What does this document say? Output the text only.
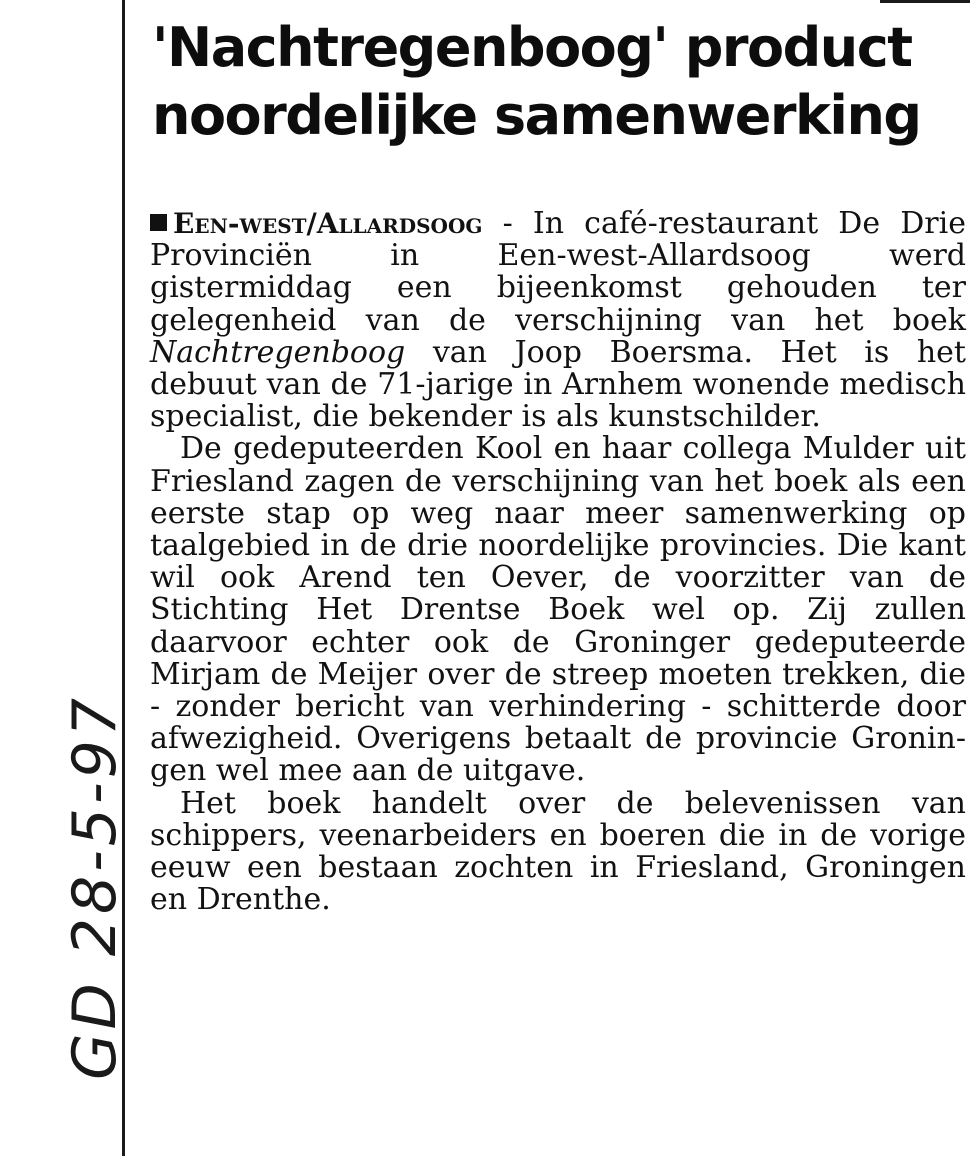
GD 28-5-97
'Nachtregenboog' product
noordelijke samenwerking

Een-west/Allardsoog - In café-restaurant De Drie Provinciën in Een-west-Allardsoog werd gistermiddag een bijeenkomst gehouden ter gelegenheid van de verschijning van het boek Nachtregenboog van Joop Boersma. Het is het debuut van de 71-jarige in Arnhem wonende medisch specialist, die bekender is als kunstschilder.

De gedeputeerden Kool en haar collega Mulder uit Friesland zagen de verschijning van het boek als een eerste stap op weg naar meer samenwerking op taalgebied in de drie noordelijke provincies. Die kant wil ook Arend ten Oever, de voorzitter van de Stichting Het Drentse Boek wel op. Zij zullen daarvoor echter ook de Groninger gedeputeerde Mirjam de Meijer over de streep moeten trekken, die - zonder bericht van verhindering - schitterde door afwezigheid. Overigens betaalt de provincie Groningen wel mee aan de uitgave.

Het boek handelt over de belevenissen van schippers, veenarbeiders en boeren die in de vorige eeuw een bestaan zochten in Friesland, Groningen en Drenthe.
